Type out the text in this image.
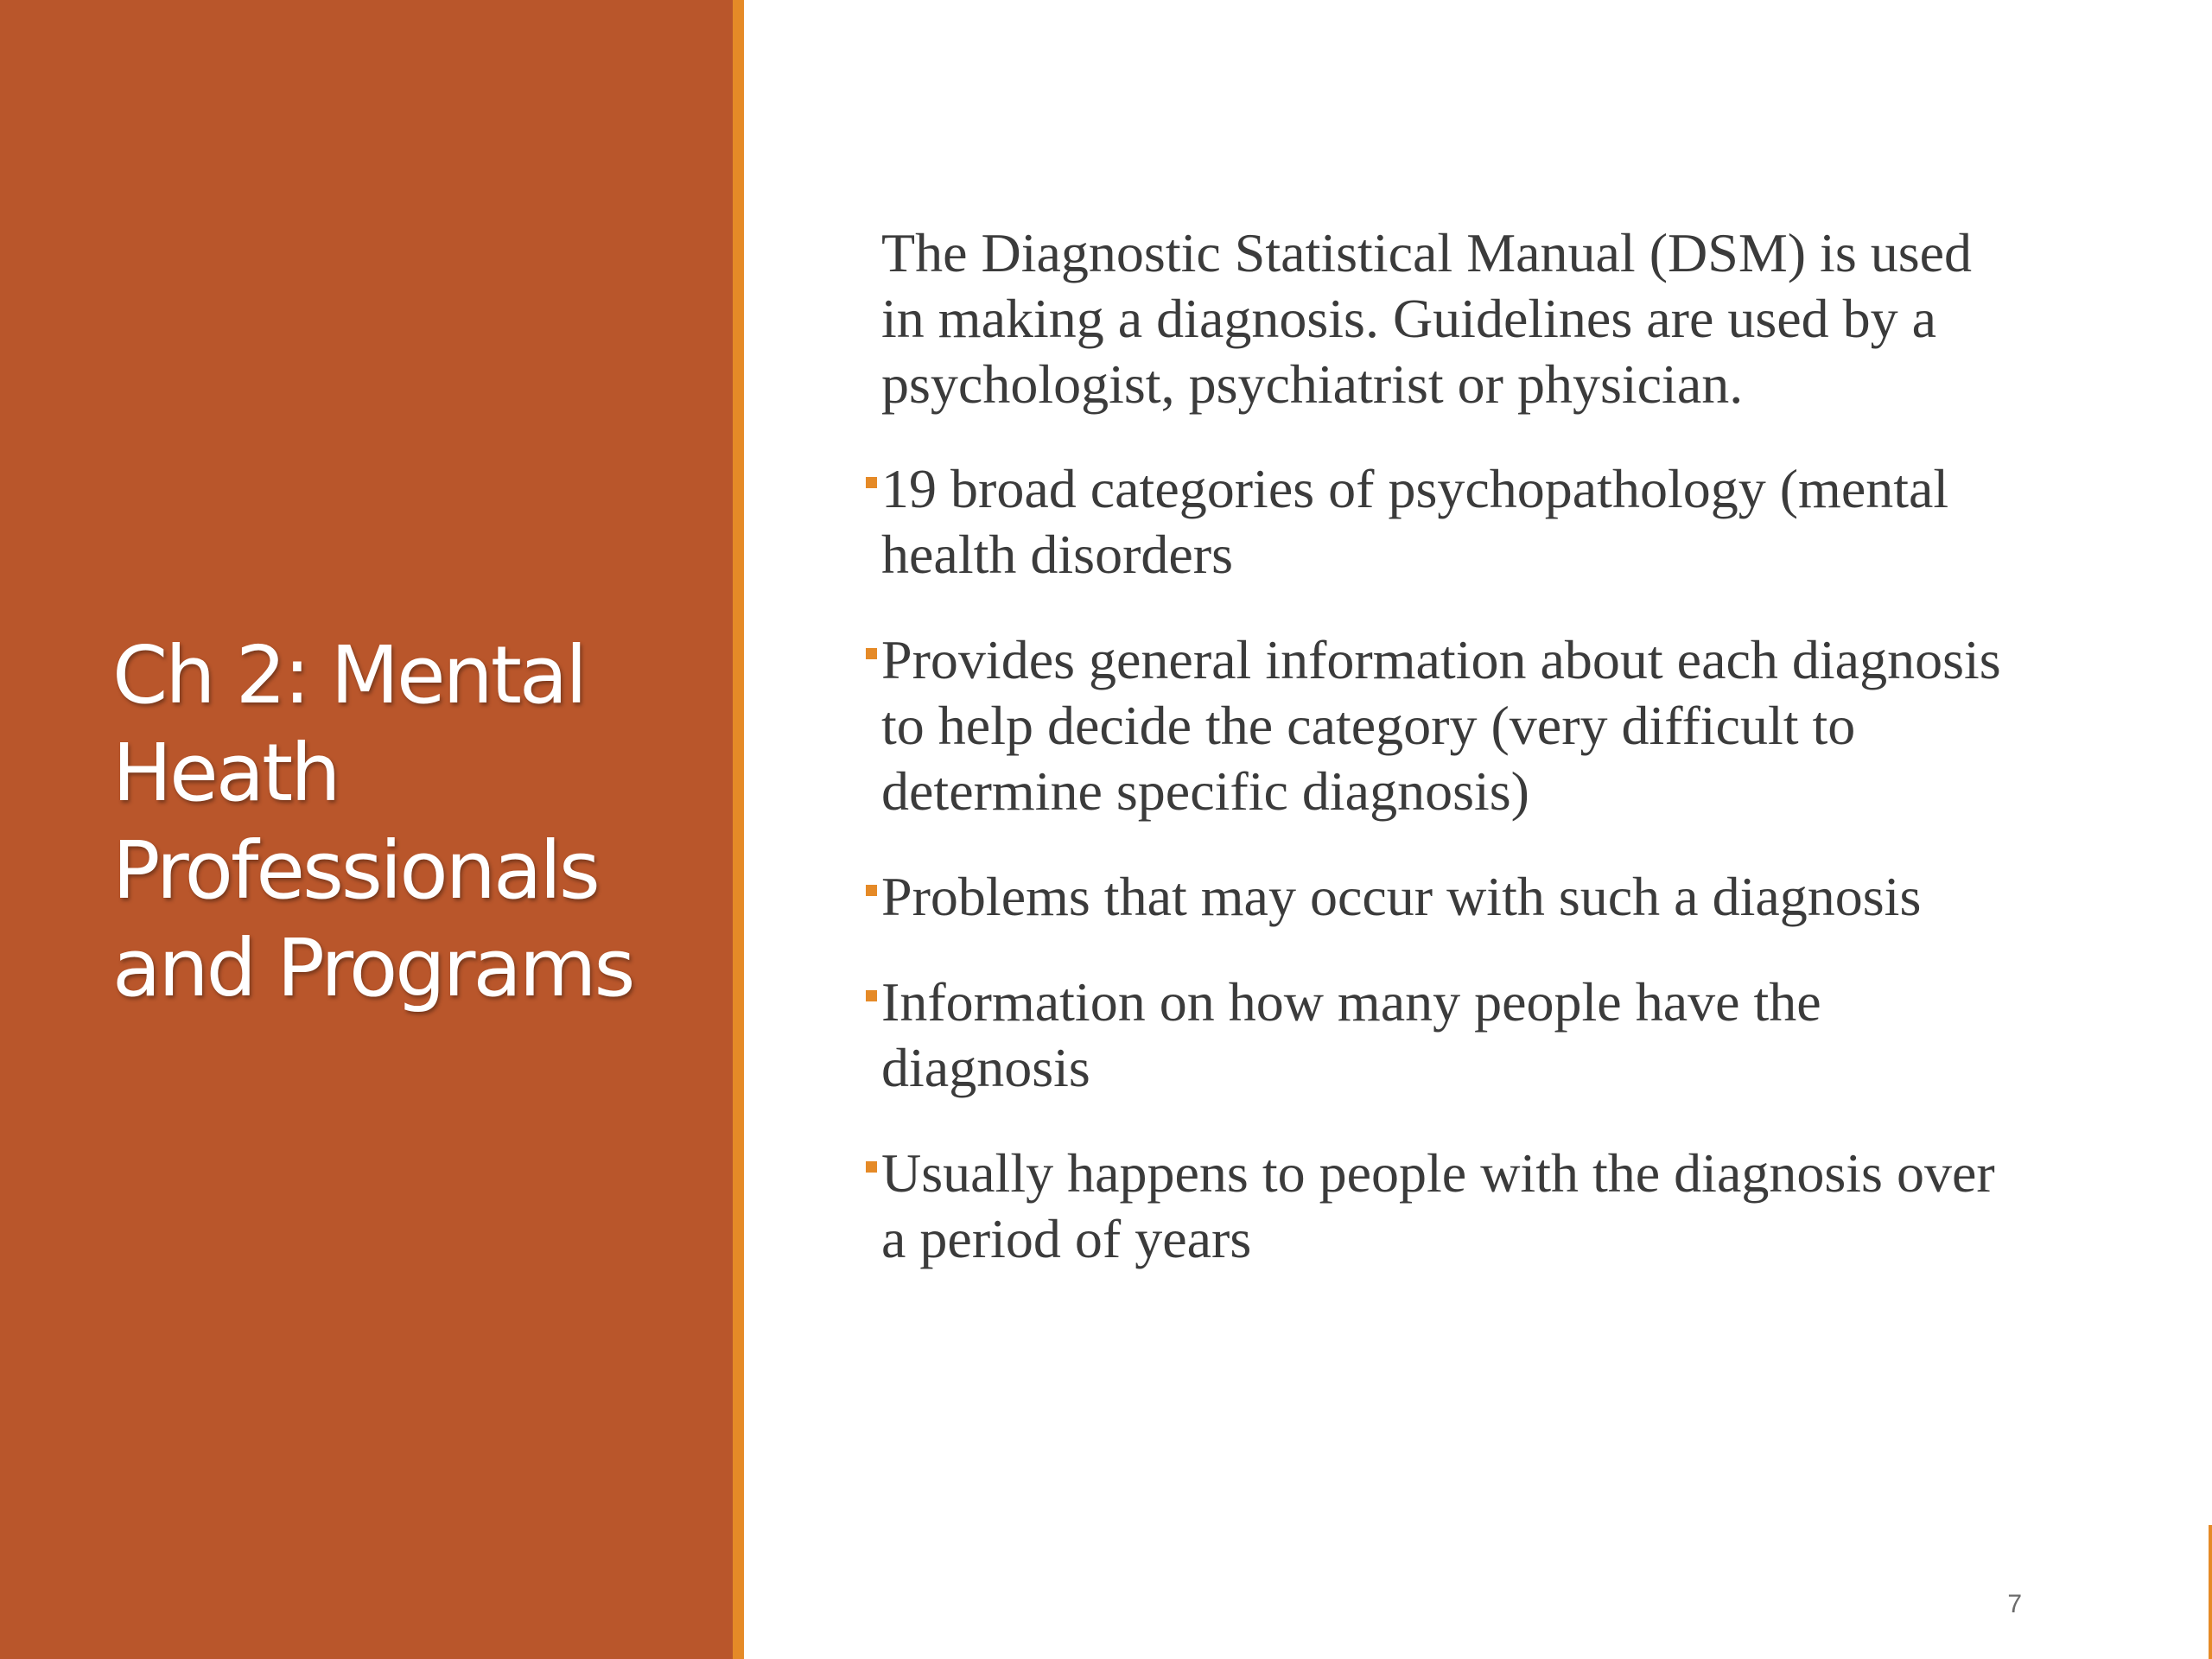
Ch 2: Mental Heath Professionals and Programs

The Diagnostic Statistical Manual (DSM) is used in making a diagnosis. Guidelines are used by a psychologist, psychiatrist or physician.

19 broad categories of psychopathology (mental health disorders
Provides general information about each diagnosis to help decide the category (very difficult to determine specific diagnosis)
Problems that may occur with such a diagnosis
Information on how many people have the diagnosis
Usually happens to people with the diagnosis over a period of years
7
